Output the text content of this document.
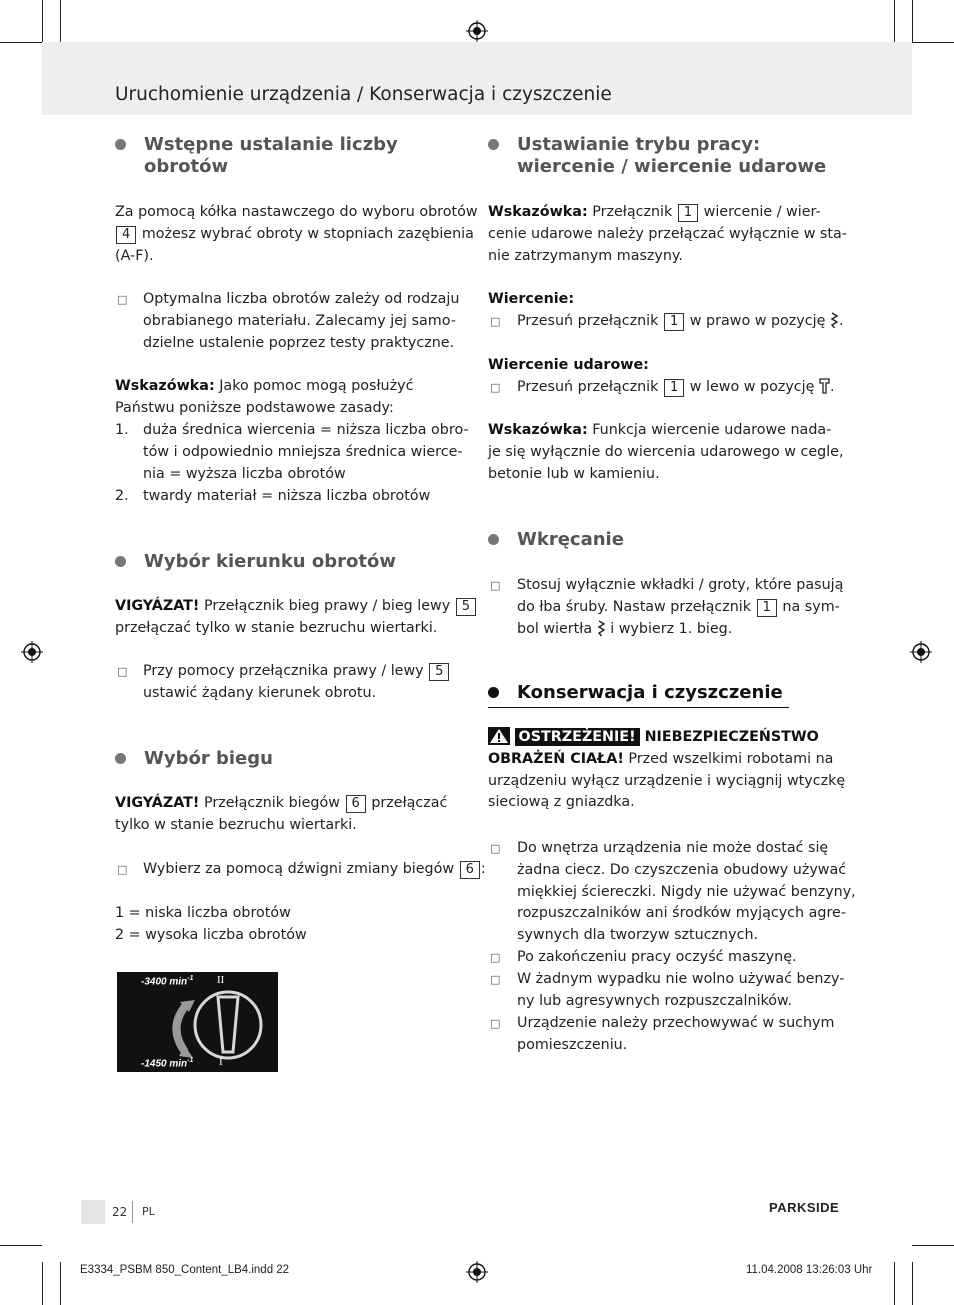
Uruchomienie urządzenia / Konserwacja i czyszczenie
Wstępne ustalanie liczby
obrotów
Za pomocą kółka nastawczego do wyboru obrotów
4 możesz wybrać obroty w stopniach zazębienia
(A-F).
□ Optymalna liczba obrotów zależy od rodzaju
obrabianego materiału. Zalecamy jej samo-
dzielne ustalenie poprzez testy praktyczne.
Wskazówka: Jako pomoc mogą posłużyć
Państwu poniższe podstawowe zasady:
1. duża średnica wiercenia = niższa liczba obro-
tów i odpowiednio mniejsza średnica wierce-
nia = wyższa liczba obrotów
2. twardy materiał = niższa liczba obrotów
Wybór kierunku obrotów
VIGYÁZAT! Przełącznik bieg prawy / bieg lewy 5
przełączać tylko w stanie bezruchu wiertarki.
□ Przy pomocy przełącznika prawy / lewy 5
ustawić żądany kierunek obrotu.
Wybór biegu
VIGYÁZAT! Przełącznik biegów 6 przełączać
tylko w stanie bezruchu wiertarki.
□ Wybierz za pomocą dźwigni zmiany biegów 6 :
1 = niska liczba obrotów
2 = wysoka liczba obrotów
-3400 $\min^{-1}$
-1450 $\min^{-1}$
II
I
Ustawianie trybu pracy:
wiercenie / wiercenie udarowe
Wskazówka: Przełącznik 1 wiercenie / wier-
cenie udarowe należy przełączać wyłącznie w sta-
nie zatrzymanym maszyny.
Wiercenie:
□ Przesuń przełącznik 1 w prawo w pozycję .
Wiercenie udarowe:
□ Przesuń przełącznik 1 w lewo w pozycję .
Wskazówka: Funkcja wiercenie udarowe nada-
je się wyłącznie do wiercenia udarowego w cegle,
betonie lub w kamieniu.
Wkręcanie
□ Stosuj wyłącznie wkładki / groty, które pasują
do łba śruby. Nastaw przełącznik 1 na sym-
bol wiertła  i wybierz 1. bieg.
Konserwacja i czyszczenie
OSTRZEŻENIE! NIEBEZPIECZEŃSTWO
OBRAŻEŃ CIAŁA! Przed wszelkimi robotami na
urządzeniu wyłącz urządzenie i wyciągnij wtyczkę
sieciową z gniazdka.
□ Do wnętrza urządzenia nie może dostać się
żadna ciecz. Do czyszczenia obudowy używać
miękkiej ściereczki. Nigdy nie używać benzyny,
rozpuszczalników ani środków myjących agre-
sywnych dla tworzyw sztucznych.
□ Po zakończeniu pracy oczyść maszynę.
□ W żadnym wypadku nie wolno używać benzy-
ny lub agresywnych rozpuszczalników.
□ Urządzenie należy przechowywać w suchym
pomieszczeniu.
22 PL	PARKSIDE
E3334_PSBM 850_Content_LB4.indd 22	11.04.2008 13:26:03 Uhr
